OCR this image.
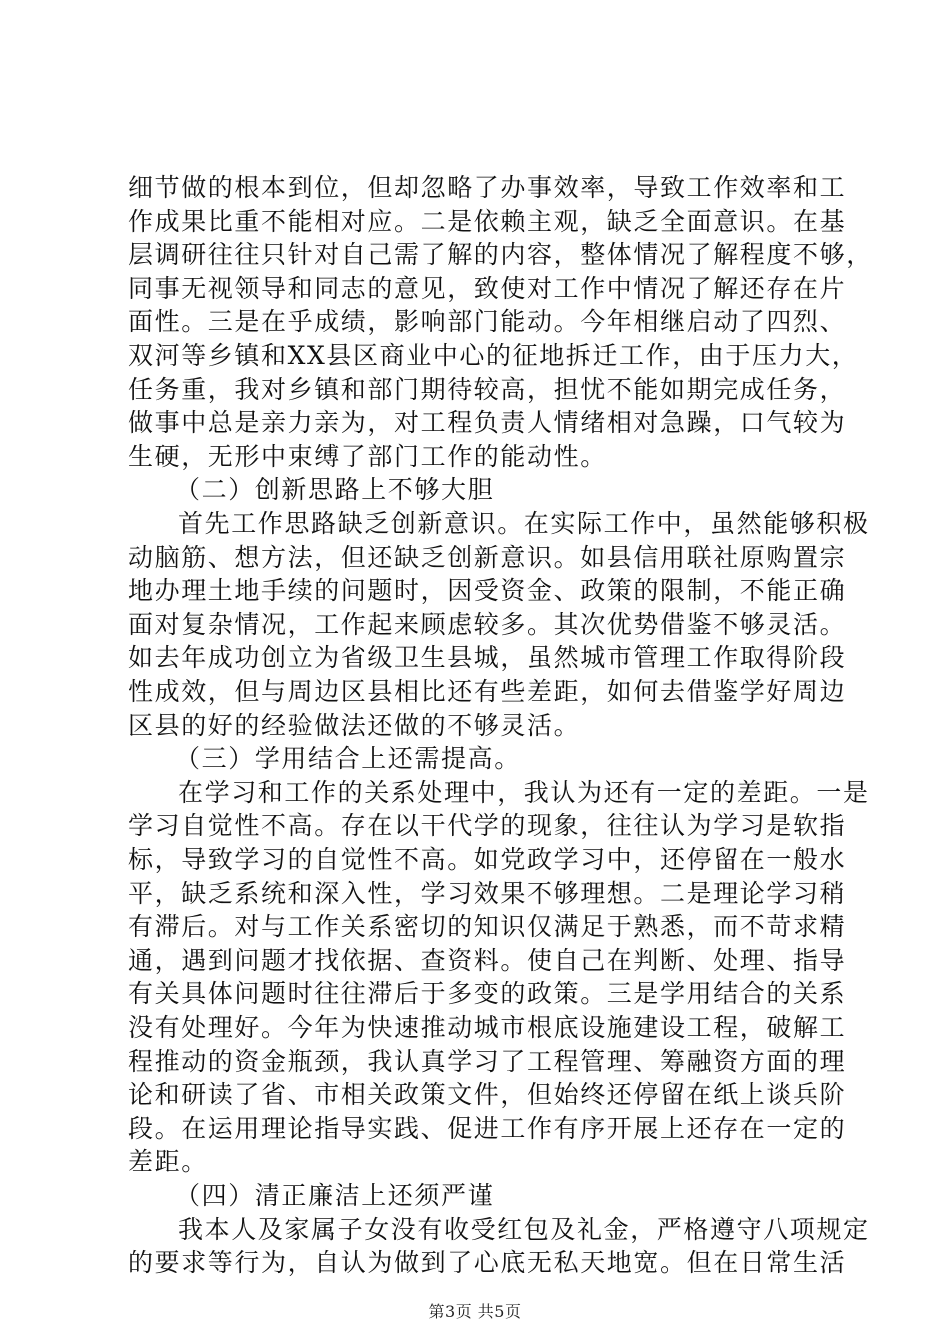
细节做的根本到位，但却忽略了办事效率，导致工作效率和工
作成果比重不能相对应。二是依赖主观，缺乏全面意识。在基
层调研往往只针对自己需了解的内容，整体情况了解程度不够，
同事无视领导和同志的意见，致使对工作中情况了解还存在片
面性。三是在乎成绩，影响部门能动。今年相继启动了四烈、
双河等乡镇和XX县区商业中心的征地拆迁工作，由于压力大，
任务重，我对乡镇和部门期待较高，担忧不能如期完成任务，
做事中总是亲力亲为，对工程负责人情绪相对急躁，口气较为
生硬，无形中束缚了部门工作的能动性。
（二）创新思路上不够大胆
首先工作思路缺乏创新意识。在实际工作中，虽然能够积极
动脑筋、想方法，但还缺乏创新意识。如县信用联社原购置宗
地办理土地手续的问题时，因受资金、政策的限制，不能正确
面对复杂情况，工作起来顾虑较多。其次优势借鉴不够灵活。
如去年成功创立为省级卫生县城，虽然城市管理工作取得阶段
性成效，但与周边区县相比还有些差距，如何去借鉴学好周边
区县的好的经验做法还做的不够灵活。
（三）学用结合上还需提高。
在学习和工作的关系处理中，我认为还有一定的差距。一是
学习自觉性不高。存在以干代学的现象，往往认为学习是软指
标，导致学习的自觉性不高。如党政学习中，还停留在一般水
平，缺乏系统和深入性，学习效果不够理想。二是理论学习稍
有滞后。对与工作关系密切的知识仅满足于熟悉，而不苛求精
通，遇到问题才找依据、查资料。使自己在判断、处理、指导
有关具体问题时往往滞后于多变的政策。三是学用结合的关系
没有处理好。今年为快速推动城市根底设施建设工程，破解工
程推动的资金瓶颈，我认真学习了工程管理、筹融资方面的理
论和研读了省、市相关政策文件，但始终还停留在纸上谈兵阶
段。在运用理论指导实践、促进工作有序开展上还存在一定的
差距。
（四）清正廉洁上还须严谨
我本人及家属子女没有收受红包及礼金，严格遵守八项规定
的要求等行为，自认为做到了心底无私天地宽。但在日常生活
第3页 共5页
